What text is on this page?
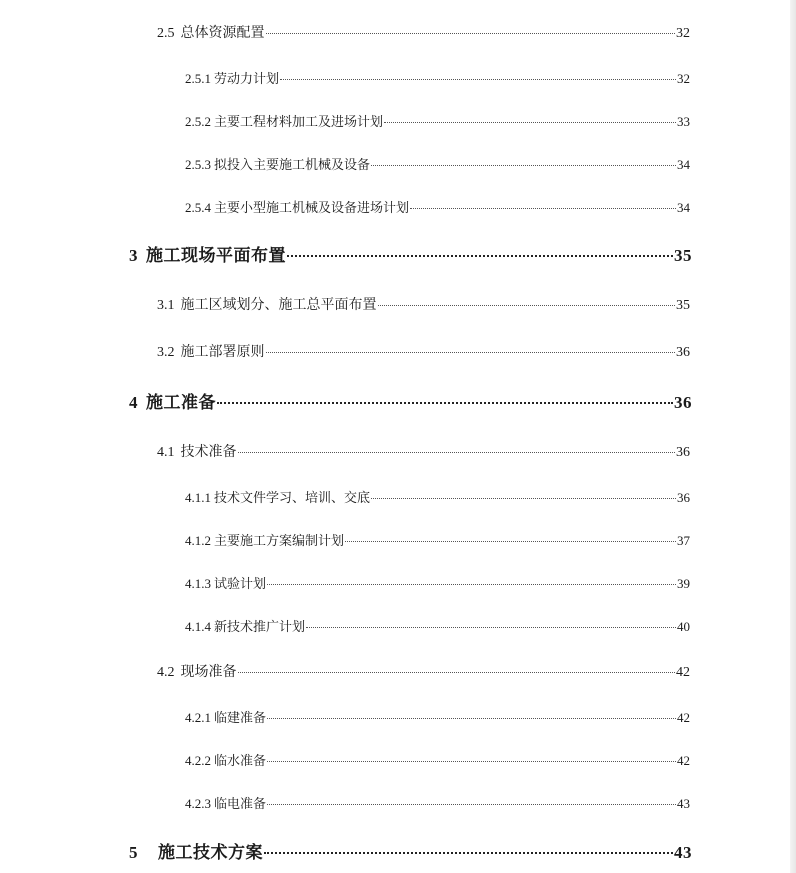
2.5 总体资源配置	32
2.5.1 劳动力计划	32
2.5.2 主要工程材料加工及进场计划	33
2.5.3 拟投入主要施工机械及设备	34
2.5.4 主要小型施工机械及设备进场计划	34
3 施工现场平面布置	35
3.1 施工区域划分、施工总平面布置	35
3.2 施工部署原则	36
4 施工准备	36
4.1 技术准备	36
4.1.1 技术文件学习、培训、交底	36
4.1.2 主要施工方案编制计划	37
4.1.3 试验计划	39
4.1.4 新技术推广计划	40
4.2 现场准备	42
4.2.1 临建准备	42
4.2.2 临水准备	42
4.2.3 临电准备	43
5 施工技术方案	43
